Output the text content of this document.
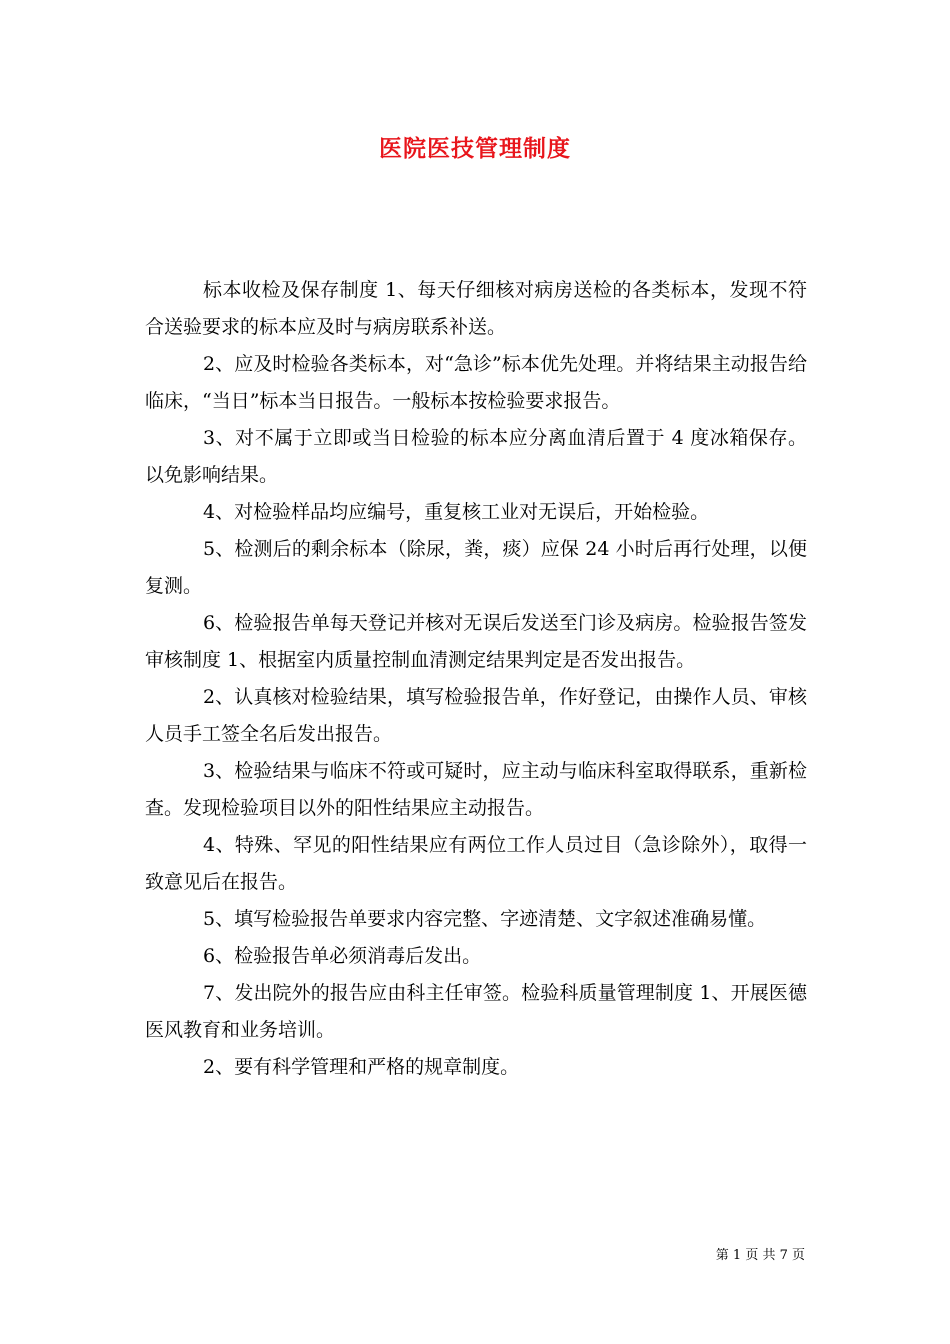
医院医技管理制度

标本收检及保存制度 1、每天仔细核对病房送检的各类标本，发现不符合送验要求的标本应及时与病房联系补送。

2、应及时检验各类标本，对“急诊”标本优先处理。并将结果主动报告给临床，“当日”标本当日报告。一般标本按检验要求报告。

3、对不属于立即或当日检验的标本应分离血清后置于 4 度冰箱保存。以免影响结果。

4、对检验样品均应编号，重复核工业对无误后，开始检验。

5、检测后的剩余标本（除尿，粪，痰）应保 24 小时后再行处理，以便复测。

6、检验报告单每天登记并核对无误后发送至门诊及病房。检验报告签发审核制度 1、根据室内质量控制血清测定结果判定是否发出报告。

2、认真核对检验结果，填写检验报告单，作好登记，由操作人员、审核人员手工签全名后发出报告。

3、检验结果与临床不符或可疑时，应主动与临床科室取得联系，重新检查。发现检验项目以外的阳性结果应主动报告。

4、特殊、罕见的阳性结果应有两位工作人员过目（急诊除外），取得一致意见后在报告。

5、填写检验报告单要求内容完整、字迹清楚、文字叙述准确易懂。

6、检验报告单必须消毒后发出。

7、发出院外的报告应由科主任审签。检验科质量管理制度 1、开展医德医风教育和业务培训。

2、要有科学管理和严格的规章制度。

第 1 页 共 7 页
